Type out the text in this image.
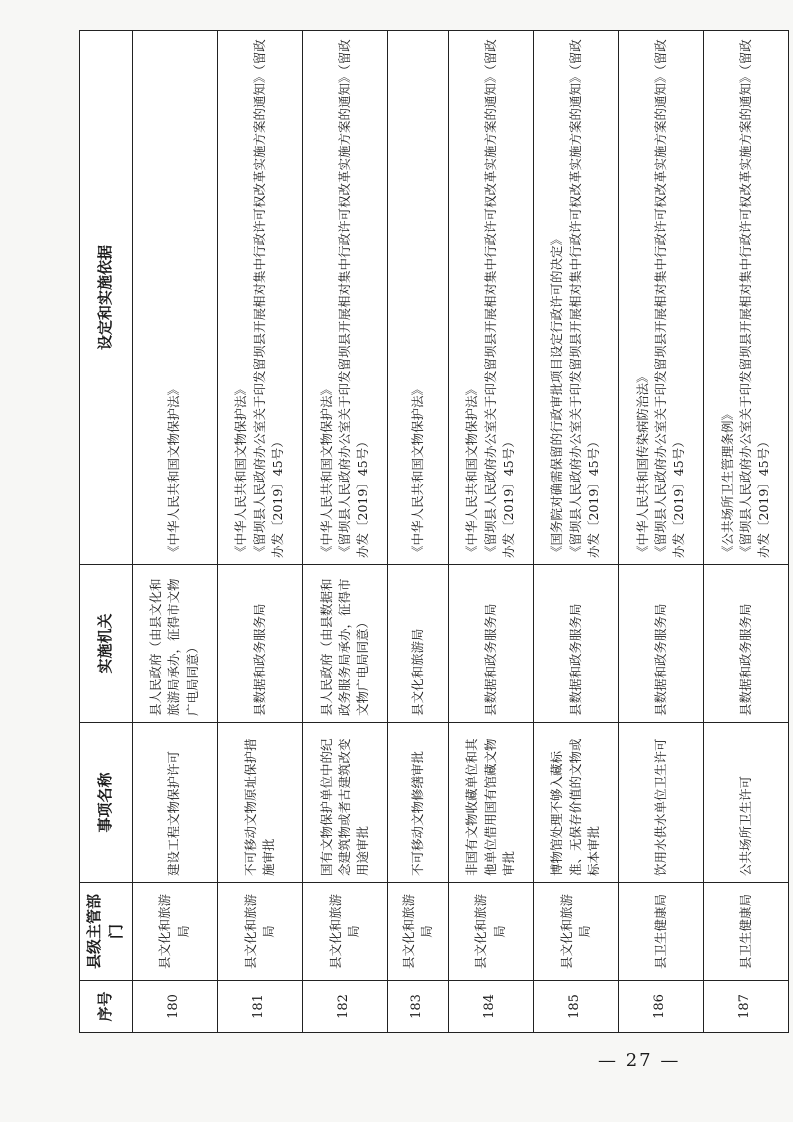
序号	县级主管部门	事项名称	实施机关	设定和实施依据
180	县文化和旅游局	建设工程文物保护许可	县人民政府（由县文化和旅游局承办，征得市文物广电局同意）	《中华人民共和国文物保护法》

181	县文化和旅游局	不可移动文物原址保护措施审批	县数据和政务服务局	《中华人民共和国文物保护法》 《留坝县人民政府办公室关于印发留坝县开展相对集中行政许可权改革实施方案的通知》（留政办发〔2019〕45号）

182	县文化和旅游局	国有文物保护单位中的纪念建筑物或者古建筑改变用途审批	县人民政府（由县数据和政务服务局承办，征得市文物广电局同意）	《中华人民共和国文物保护法》 《留坝县人民政府办公室关于印发留坝县开展相对集中行政许可权改革实施方案的通知》（留政办发〔2019〕45号）

183	县文化和旅游局	不可移动文物修缮审批	县文化和旅游局	《中华人民共和国文物保护法》

184	县文化和旅游局	非国有文物收藏单位和其他单位借用国有馆藏文物审批	县数据和政务服务局	《中华人民共和国文物保护法》 《留坝县人民政府办公室关于印发留坝县开展相对集中行政许可权改革实施方案的通知》（留政办发〔2019〕45号）

185	县文化和旅游局	博物馆处理不够入藏标准、无保存价值的文物或标本审批	县数据和政务服务局	《国务院对确需保留的行政审批项目设定行政许可的决定》 《留坝县人民政府办公室关于印发留坝县开展相对集中行政许可权改革实施方案的通知》（留政办发〔2019〕45号）

186	县卫生健康局	饮用水供水单位卫生许可	县数据和政务服务局	《中华人民共和国传染病防治法》 《留坝县人民政府办公室关于印发留坝县开展相对集中行政许可权改革实施方案的通知》（留政办发〔2019〕45号）

187	县卫生健康局	公共场所卫生许可	县数据和政务服务局	《公共场所卫生管理条例》 《留坝县人民政府办公室关于印发留坝县开展相对集中行政许可权改革实施方案的通知》（留政办发〔2019〕45号）
— 27 —
